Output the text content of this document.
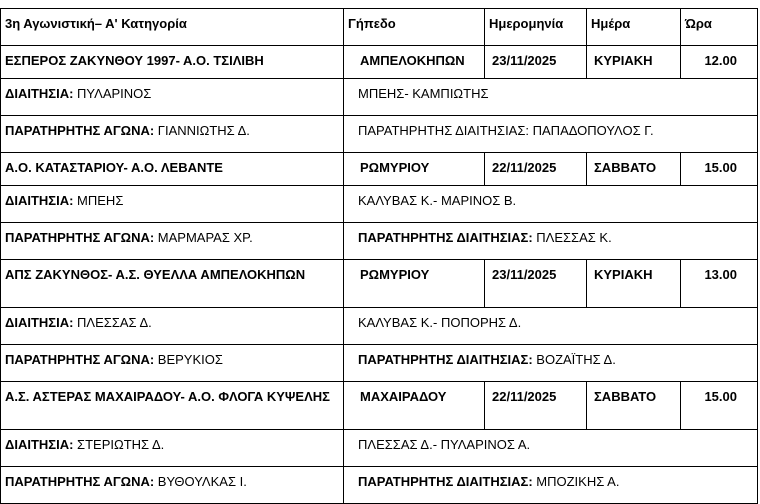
3η Αγωνιστική– Α' Κατηγορία	Γήπεδο	Ημερομηνία	Ημέρα	Ώρα
ΕΣΠΕΡΟΣ ΖΑΚΥΝΘΟΥ 1997- Α.Ο. ΤΣΙΛΙΒΗ	ΑΜΠΕΛΟΚΗΠΩΝ	23/11/2025	ΚΥΡΙΑΚΗ	12.00
ΔΙΑΙΤΗΣΙΑ: ΠΥΛΑΡΙΝΟΣ	ΜΠΕΗΣ- ΚΑΜΠΙΩΤΗΣ			
ΠΑΡΑΤΗΡΗΤΗΣ ΑΓΩΝΑ: ΓΙΑΝΝΙΩΤΗΣ Δ.	ΠΑΡΑΤΗΡΗΤΗΣ ΔΙΑΙΤΗΣΙΑΣ: ΠΑΠΑΔΟΠΟΥΛΟΣ Γ.			
Α.Ο. ΚΑΤΑΣΤΑΡΙΟΥ- Α.Ο. ΛΕΒΑΝΤΕ	ΡΩΜΥΡΙΟΥ	22/11/2025	ΣΑΒΒΑΤΟ	15.00
ΔΙΑΙΤΗΣΙΑ: ΜΠΕΗΣ	ΚΑΛΥΒΑΣ Κ.- ΜΑΡΙΝΟΣ Β.			
ΠΑΡΑΤΗΡΗΤΗΣ ΑΓΩΝΑ: ΜΑΡΜΑΡΑΣ ΧΡ.	ΠΑΡΑΤΗΡΗΤΗΣ ΔΙΑΙΤΗΣΙΑΣ: ΠΛΕΣΣΑΣ Κ.			
ΑΠΣ ΖΑΚΥΝΘΟΣ- Α.Σ. ΘΥΕΛΛΑ ΑΜΠΕΛΟΚΗΠΩΝ	ΡΩΜΥΡΙΟΥ	23/11/2025	ΚΥΡΙΑΚΗ	13.00
ΔΙΑΙΤΗΣΙΑ: ΠΛΕΣΣΑΣ Δ.	ΚΑΛΥΒΑΣ Κ.- ΠΟΠΟΡΗΣ Δ.			
ΠΑΡΑΤΗΡΗΤΗΣ ΑΓΩΝΑ: ΒΕΡΥΚΙΟΣ	ΠΑΡΑΤΗΡΗΤΗΣ ΔΙΑΙΤΗΣΙΑΣ: ΒΟΖΑΪΤΗΣ Δ.			
Α.Σ. ΑΣΤΕΡΑΣ ΜΑΧΑΙΡΑΔΟΥ- Α.Ο. ΦΛΟΓΑ ΚΥΨΕΛΗΣ	ΜΑΧΑΙΡΑΔΟΥ	22/11/2025	ΣΑΒΒΑΤΟ	15.00
ΔΙΑΙΤΗΣΙΑ: ΣΤΕΡΙΩΤΗΣ Δ.	ΠΛΕΣΣΑΣ Δ.- ΠΥΛΑΡΙΝΟΣ Α.			
ΠΑΡΑΤΗΡΗΤΗΣ ΑΓΩΝΑ: ΒΥΘΟΥΛΚΑΣ Ι.	ΠΑΡΑΤΗΡΗΤΗΣ ΔΙΑΙΤΗΣΙΑΣ: ΜΠΟΖΙΚΗΣ Α.			
